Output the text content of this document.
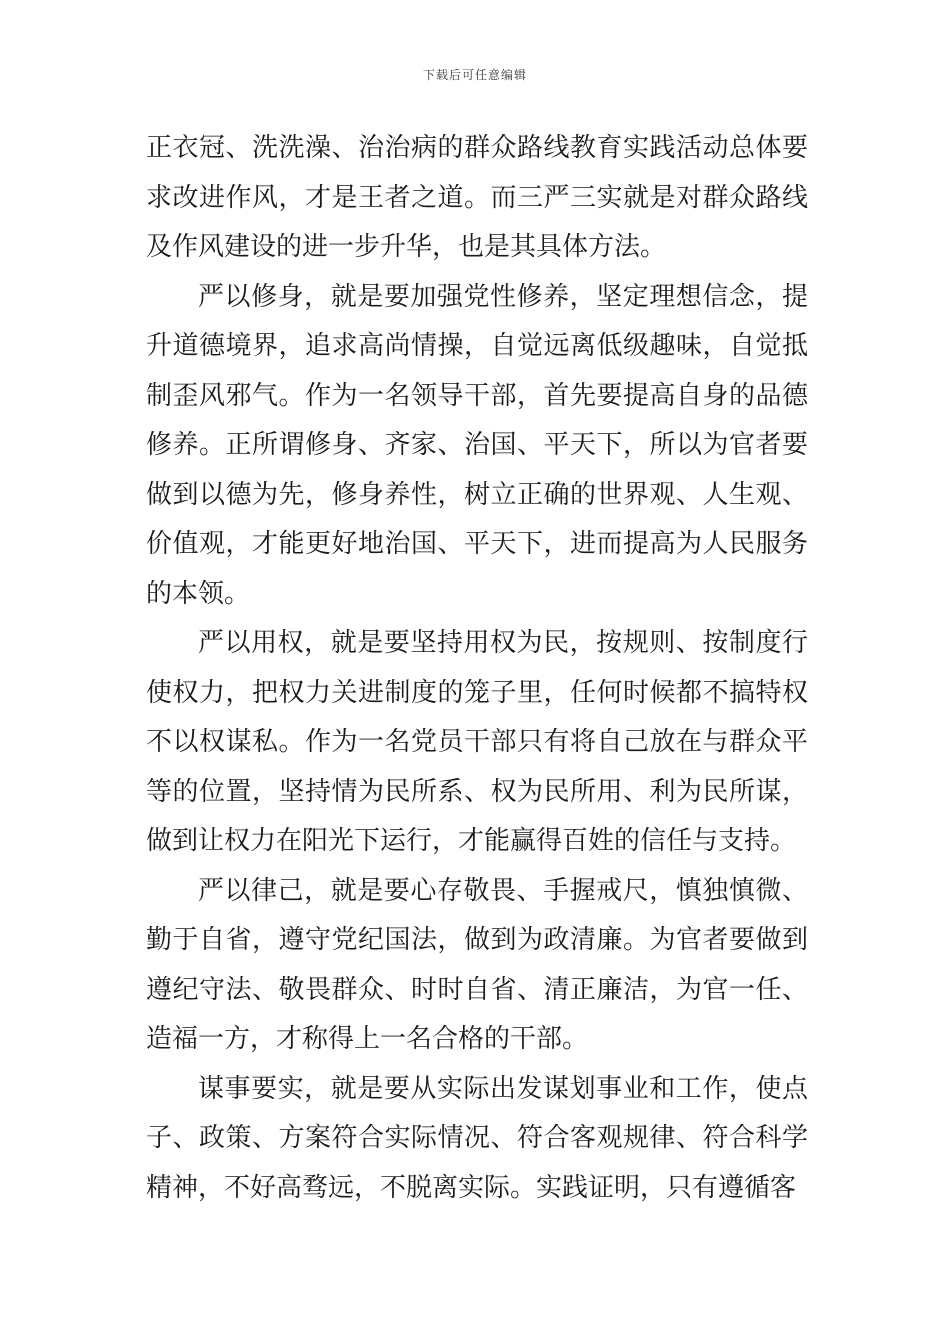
下载后可任意编辑

正衣冠、洗洗澡、治治病的群众路线教育实践活动总体要求改进作风，才是王者之道。而三严三实就是对群众路线及作风建设的进一步升华，也是其具体方法。

严以修身，就是要加强党性修养，坚定理想信念，提升道德境界，追求高尚情操，自觉远离低级趣味，自觉抵制歪风邪气。作为一名领导干部，首先要提高自身的品德修养。正所谓修身、齐家、治国、平天下，所以为官者要做到以德为先，修身养性，树立正确的世界观、人生观、价值观，才能更好地治国、平天下，进而提高为人民服务的本领。

严以用权，就是要坚持用权为民，按规则、按制度行使权力，把权力关进制度的笼子里，任何时候都不搞特权不以权谋私。作为一名党员干部只有将自己放在与群众平等的位置，坚持情为民所系、权为民所用、利为民所谋，做到让权力在阳光下运行，才能赢得百姓的信任与支持。

严以律己，就是要心存敬畏、手握戒尺，慎独慎微、勤于自省，遵守党纪国法，做到为政清廉。为官者要做到遵纪守法、敬畏群众、时时自省、清正廉洁，为官一任、造福一方，才称得上一名合格的干部。

谋事要实，就是要从实际出发谋划事业和工作，使点子、政策、方案符合实际情况、符合客观规律、符合科学精神，不好高骛远，不脱离实际。实践证明，只有遵循客
